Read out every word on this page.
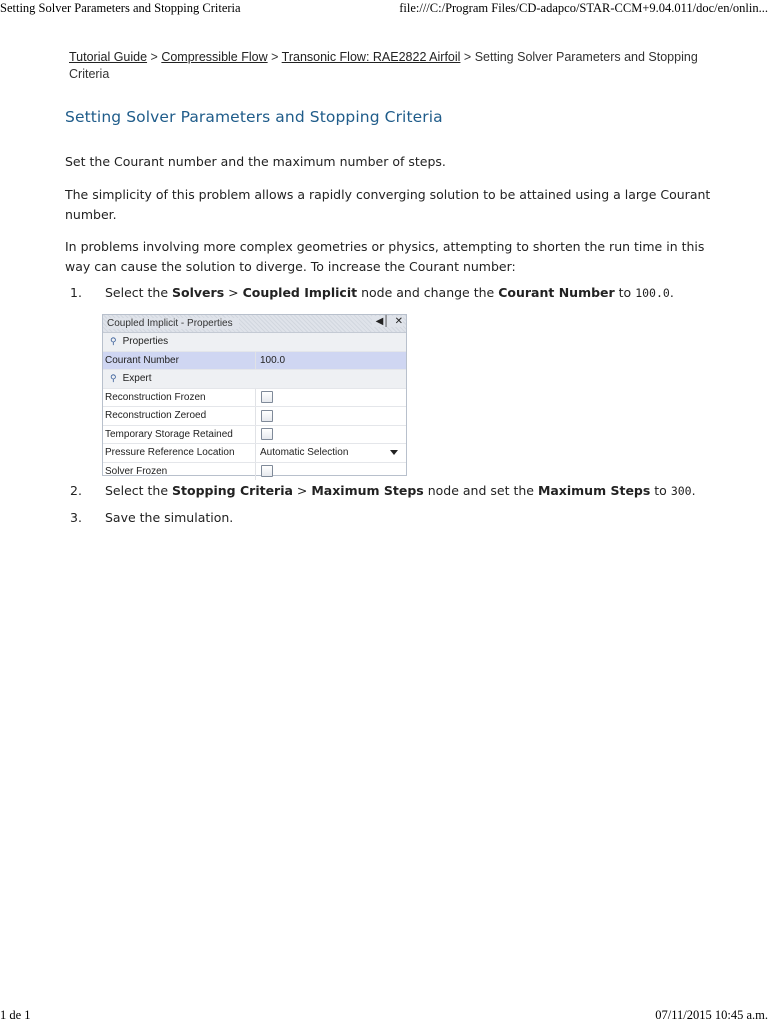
Setting Solver Parameters and Stopping Criteria	file:///C:/Program Files/CD-adapco/STAR-CCM+9.04.011/doc/en/onlin...
Tutorial Guide > Compressible Flow > Transonic Flow: RAE2822 Airfoil > Setting Solver Parameters and Stopping Criteria
Setting Solver Parameters and Stopping Criteria

Set the Courant number and the maximum number of steps.

The simplicity of this problem allows a rapidly converging solution to be attained using a large Courant number.

In problems involving more complex geometries or physics, attempting to shorten the run time in this way can cause the solution to diverge. To increase the Courant number:

1.	Select the Solvers > Coupled Implicit node and change the Courant Number to 100.0.
Coupled Implicit - Properties	◀│ ✕
⚲ Properties
Courant Number	100.0
⚲ Expert
Reconstruction Frozen
Reconstruction Zeroed
Temporary Storage Retained
Pressure Reference Location	Automatic Selection
Solver Frozen
2.	Select the Stopping Criteria > Maximum Steps node and set the Maximum Steps to 300.
3.	Save the simulation.
1 de 1	07/11/2015 10:45 a.m.
